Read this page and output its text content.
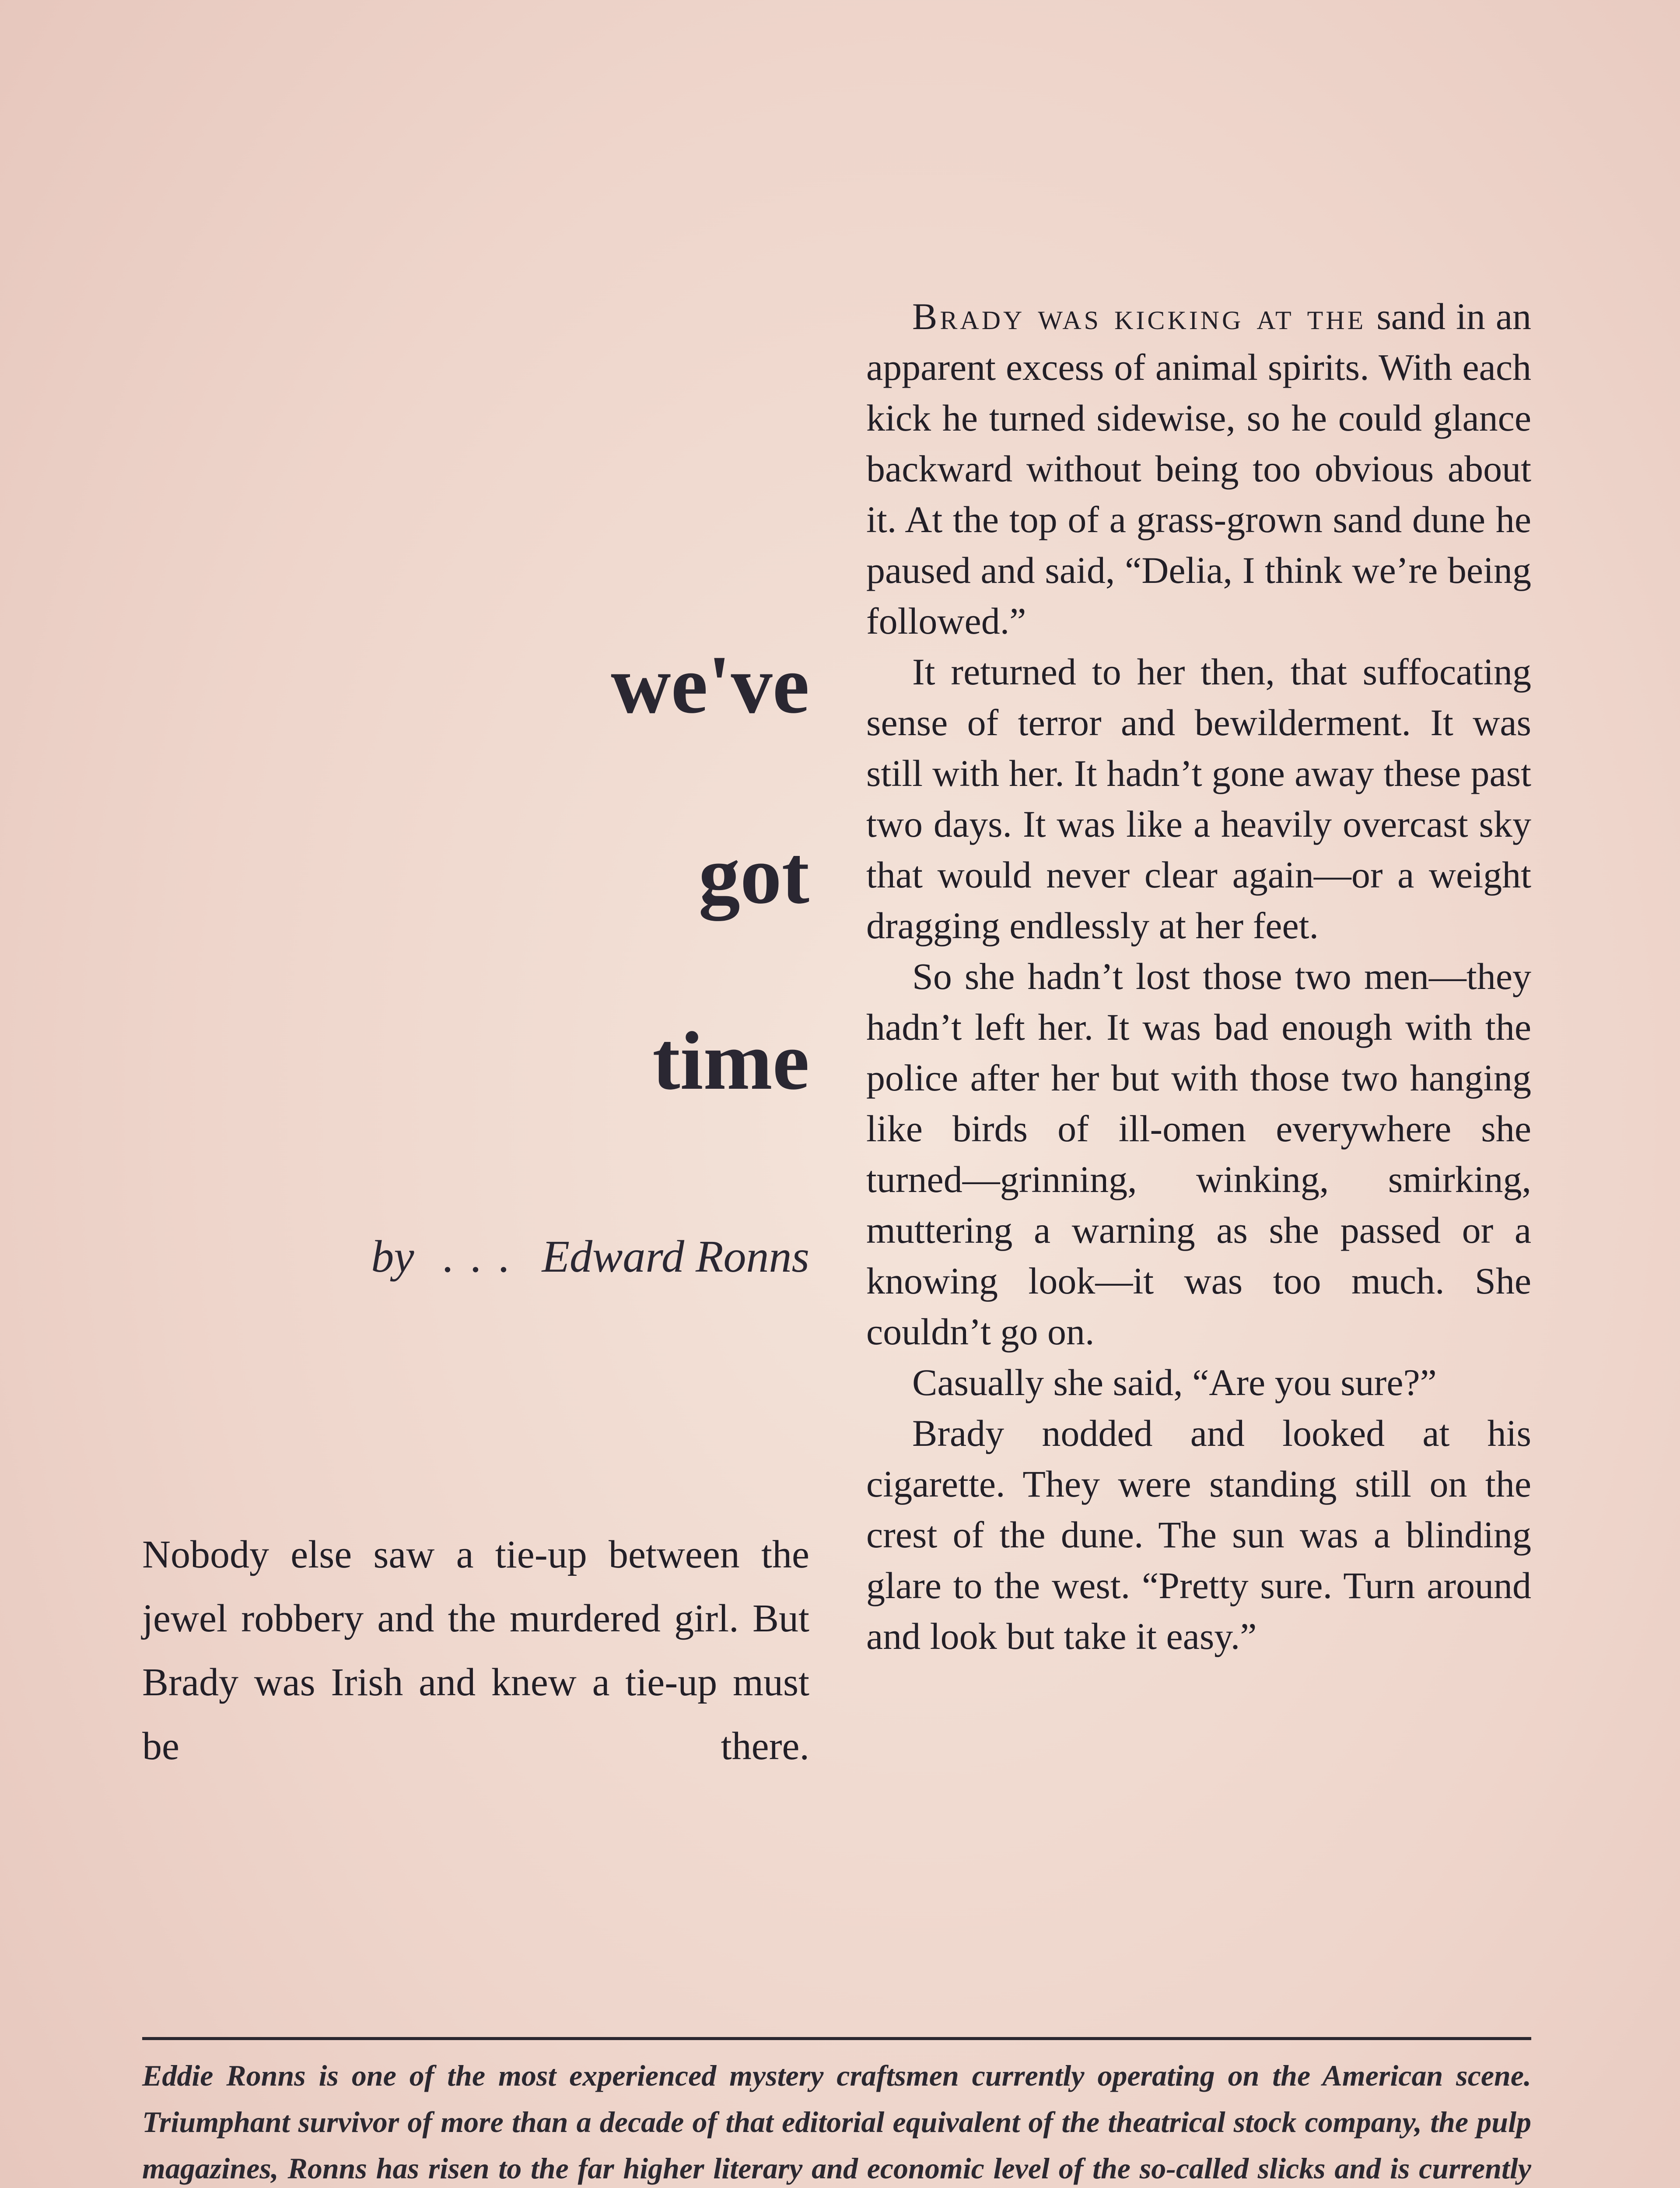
we've
got
time
by . . . Edward Ronns

Nobody else saw a tie-up between the jewel robbery and the murdered girl. But Brady was Irish and knew a tie-up must be there.

Brady was kicking at the sand in an apparent excess of animal spirits. With each kick he turned sidewise, so he could glance backward without being too obvious about it. At the top of a grass-grown sand dune he paused and said, “Delia, I think we’re being followed.”

It returned to her then, that suffocating sense of terror and bewilderment. It was still with her. It hadn’t gone away these past two days. It was like a heavily overcast sky that would never clear again—or a weight dragging endlessly at her feet.

So she hadn’t lost those two men—they hadn’t left her. It was bad enough with the police after her but with those two hanging like birds of ill-omen everywhere she turned—grinning, winking, smirking, muttering a warning as she passed or a knowing look—it was too much. She couldn’t go on.

Casually she said, “Are you sure?”

Brady nodded and looked at his cigarette. They were standing still on the crest of the dune. The sun was a blinding glare to the west. “Pretty sure. Turn around and look but take it easy.”

Eddie Ronns is one of the most experienced mystery craftsmen currently operating on the American scene. Triumphant survivor of more than a decade of that editorial equivalent of the theatrical stock company, the pulp magazines, Ronns has risen to the far higher literary and economic level of the so-called slicks and is currently
